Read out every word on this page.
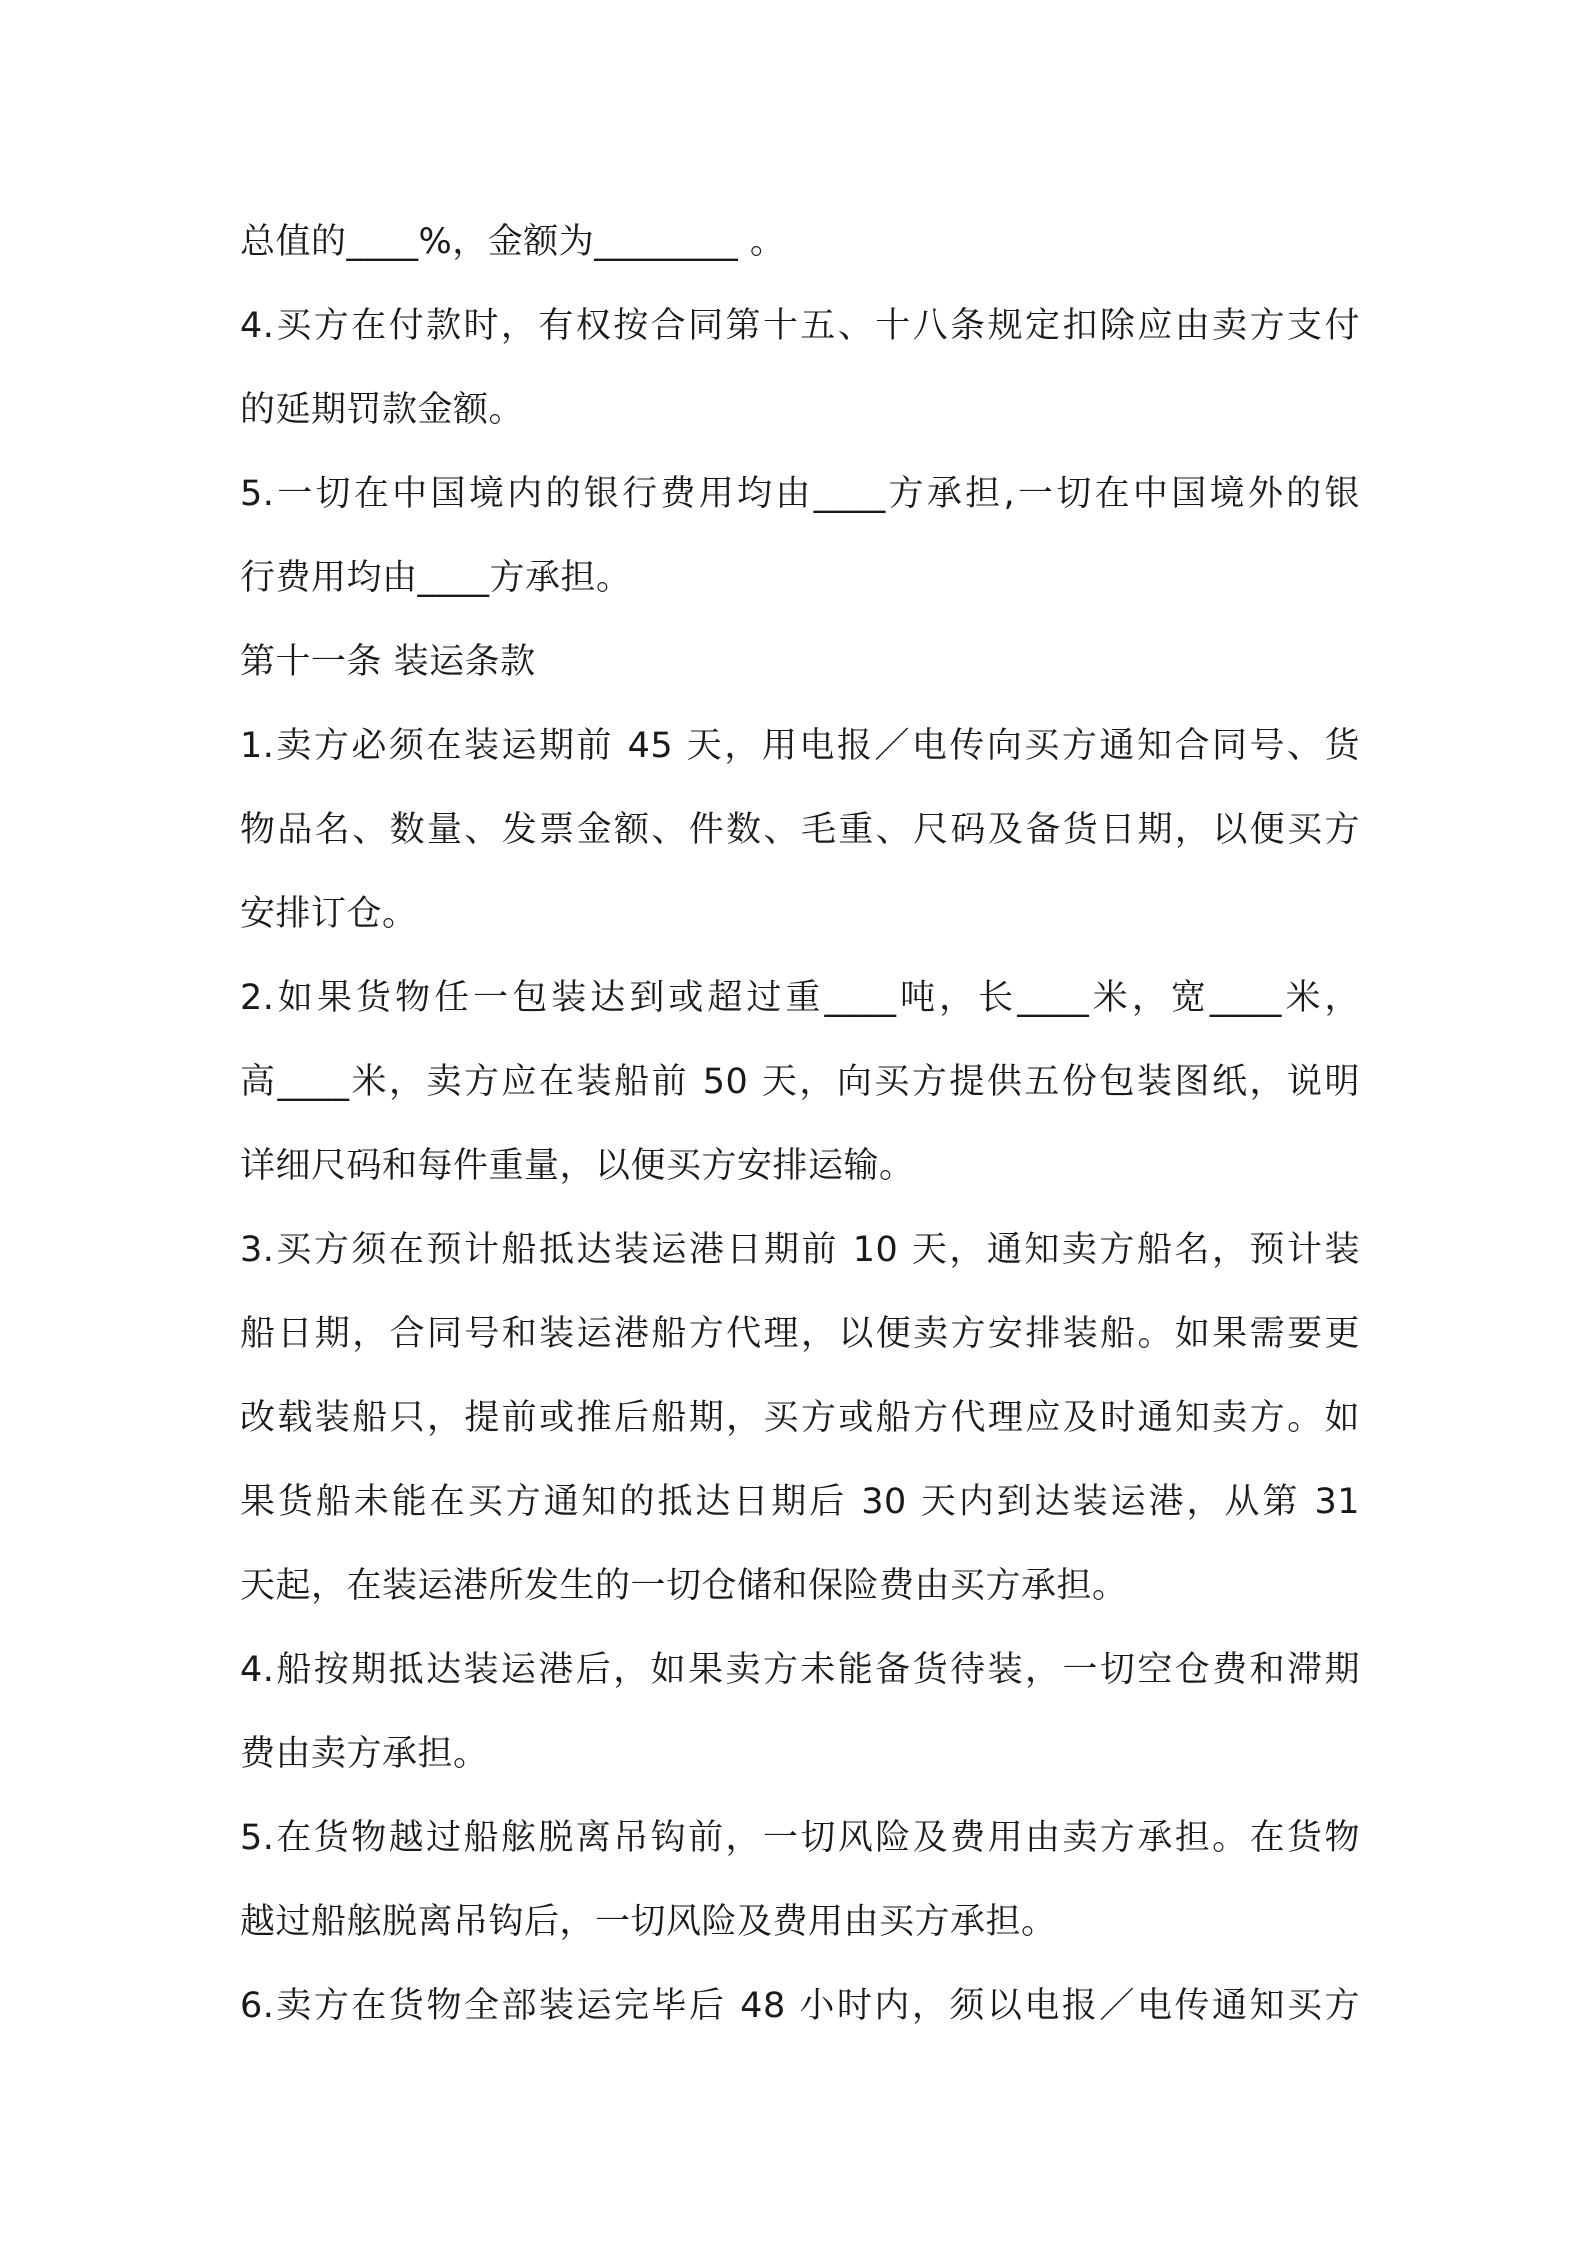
总值的____%，金额为________ 。
4.买方在付款时，有权按合同第十五、十八条规定扣除应由卖方支付
的延期罚款金额。
5.一切在中国境内的银行费用均由____方承担,一切在中国境外的银
行费用均由____方承担。
第十一条 装运条款
1.卖方必须在装运期前 45 天，用电报／电传向买方通知合同号、货
物品名、数量、发票金额、件数、毛重、尺码及备货日期，以便买方
安排订仓。
2.如果货物任一包装达到或超过重____吨，长____米，宽____米，
高____米，卖方应在装船前 50 天，向买方提供五份包装图纸，说明
详细尺码和每件重量，以便买方安排运输。
3.买方须在预计船抵达装运港日期前 10 天，通知卖方船名，预计装
船日期，合同号和装运港船方代理，以便卖方安排装船。如果需要更
改载装船只，提前或推后船期，买方或船方代理应及时通知卖方。如
果货船未能在买方通知的抵达日期后 30 天内到达装运港，从第 31
天起，在装运港所发生的一切仓储和保险费由买方承担。
4.船按期抵达装运港后，如果卖方未能备货待装，一切空仓费和滞期
费由卖方承担。
5.在货物越过船舷脱离吊钩前，一切风险及费用由卖方承担。在货物
越过船舷脱离吊钩后，一切风险及费用由买方承担。
6.卖方在货物全部装运完毕后 48 小时内，须以电报／电传通知买方
